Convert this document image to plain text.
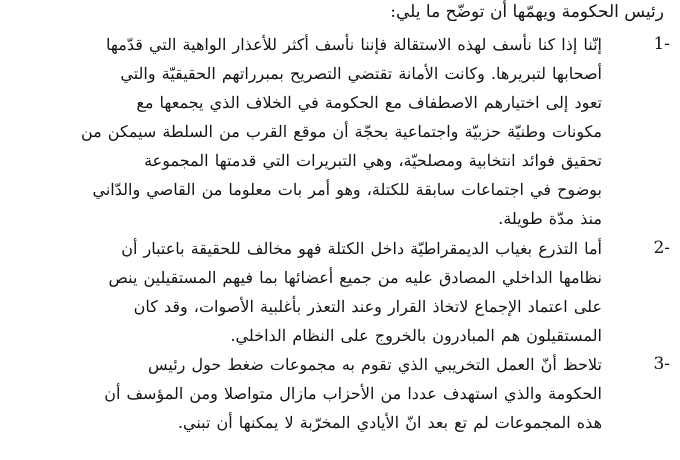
رئيس الحكومة ويهمّها أن توضّح ما يلي:
1-
إنّنا إذا كنا نأسف لهذه الاستقالة فإننا نأسف أكثر للأعذار الواهية التي قدّمها
أصحابها لتبريرها. وكانت الأمانة تقتضي التصريح بمبرراتهم الحقيقيّة والتي
تعود إلى اختيارهم الاصطفاف مع الحكومة في الخلاف الذي يجمعها مع
مكونات وطنيّة حزبيّة واجتماعية بحجّة أن موقع القرب من السلطة سيمكن من
تحقيق فوائد انتخابية ومصلحيّة، وهي التبريرات التي قدمتها المجموعة
بوضوح في اجتماعات سابقة للكتلة، وهو أمر بات معلوما من القاصي والدّاني
منذ مدّة طويلة.
2-
أما التذرع بغياب الديمقراطيّة داخل الكتلة فهو مخالف للحقيقة باعتبار أن
نظامها الداخلي المصادق عليه من جميع أعضائها بما فيهم المستقيلين ينص
على اعتماد الإجماع لاتخاذ القرار وعند التعذر بأغلبية الأصوات، وقد كان
المستقيلون هم المبادرون بالخروج على النظام الداخلي.
3-
تلاحظ أنّ العمل التخريبي الذي تقوم به مجموعات ضغط حول رئيس
الحكومة والذي استهدف عددا من الأحزاب مازال متواصلا ومن المؤسف أن
هذه المجموعات لم تع بعد انّ الأيادي المخرّبة لا يمكنها أن تبني.
